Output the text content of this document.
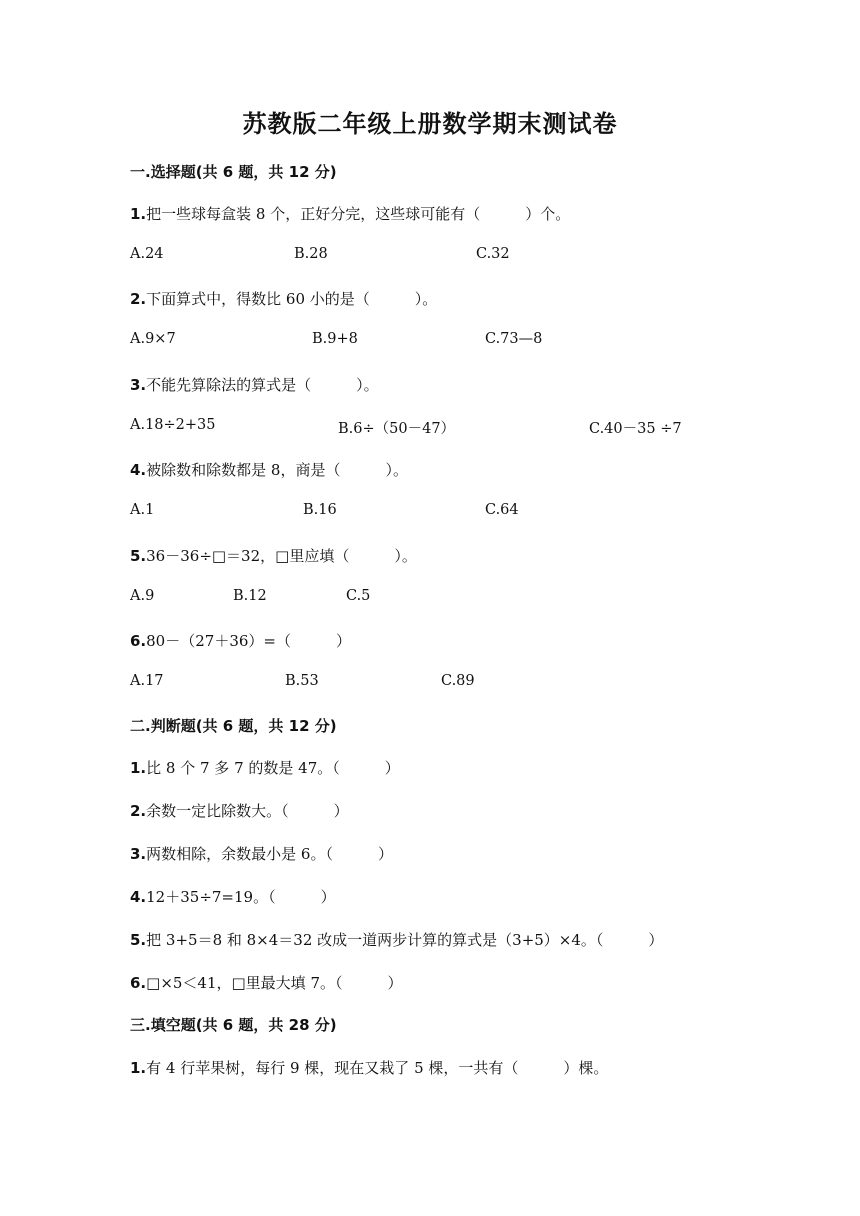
苏教版二年级上册数学期末测试卷
一.选择题(共 6 题，共 12 分)
1.把一些球每盒装 8 个，正好分完，这些球可能有（　　　）个。
A.24	B.28	C.32
2.下面算式中，得数比 60 小的是（　　　）。
A.9×7	B.9+8	C.73—8
3.不能先算除法的算式是（　　　）。
A.18÷2+35	B.6÷（50－47）	C.40－35 ÷7
4.被除数和除数都是 8，商是（　　　）。
A.1	B.16	C.64
5.36－36÷□＝32，□里应填（　　　）。
A.9	B.12	C.5
6.80－（27＋36）=（　　　）
A.17	B.53	C.89
二.判断题(共 6 题，共 12 分)
1.比 8 个 7 多 7 的数是 47。（　　　）
2.余数一定比除数大。（　　　）
3.两数相除，余数最小是 6。（　　　）
4.12＋35÷7=19。（　　　）
5.把 3+5＝8 和 8×4＝32 改成一道两步计算的算式是（3+5）×4。（　　　）
6.□×5＜41，□里最大填 7。（　　　）
三.填空题(共 6 题，共 28 分)
1.有 4 行苹果树，每行 9 棵，现在又栽了 5 棵，一共有（　　　）棵。
